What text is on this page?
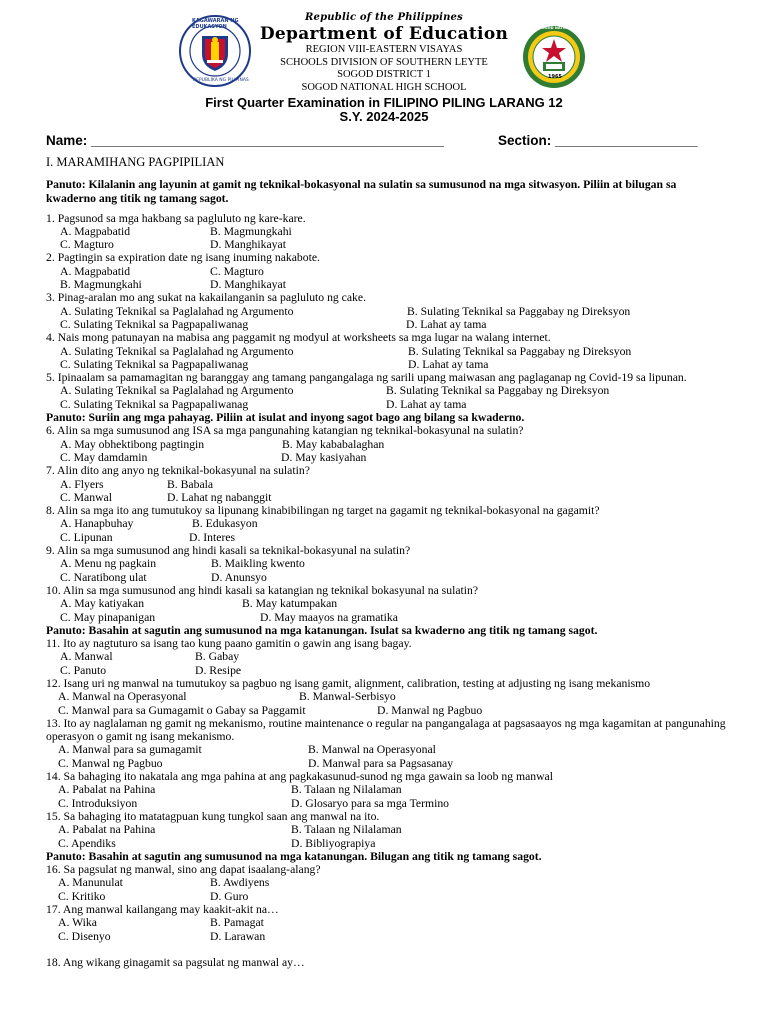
KAGAWARAN NG EDUKASYON
REPUBLIKA NG PILIPINAS
Republic of the Philippines
Department of Education
REGION VIII-EASTERN VISAYAS
SCHOOLS DIVISION OF SOUTHERN LEYTE
SOGOD DISTRICT 1
SOGOD NATIONAL HIGH SCHOOL
SOGOD NATIONAL HIGH SCHOOL
1965
First Quarter Examination in FILIPINO PILING LARANG 12
S.Y. 2024-2025
Name: _______________________________________________	Section: ___________________
I. MARAMIHANG PAGPIPILIAN
Panuto: Kilalanin ang layunin at gamit ng teknikal-bokasyonal na sulatin sa sumusunod na mga sitwasyon. Piliin at bilugan sa kwaderno ang titik ng tamang sagot.
1. Pagsunod sa mga hakbang sa pagluluto ng kare-kare.
A. Magpabatid	B. Magmungkahi
C. Magturo	D. Manghikayat
2. Pagtingin sa expiration date ng isang inuming nakabote.
A. Magpabatid	C. Magturo
B. Magmungkahi	D. Manghikayat
3. Pinag-aralan mo ang sukat na kakailanganin sa pagluluto ng cake.
A. Sulating Teknikal sa Paglalahad ng Argumento	B. Sulating Teknikal sa Paggabay ng Direksyon
C. Sulating Teknikal sa Pagpapaliwanag	D. Lahat ay tama
4. Nais mong patunayan na mabisa ang paggamit ng modyul at worksheets sa mga lugar na walang internet.
A. Sulating Teknikal sa Paglalahad ng Argumento	B. Sulating Teknikal sa Paggabay ng Direksyon
C. Sulating Teknikal sa Pagpapaliwanag	D. Lahat ay tama
5. Ipinaalam sa pamamagitan ng baranggay ang tamang pangangalaga ng sarili upang maiwasan ang paglaganap ng Covid-19 sa lipunan.
A. Sulating Teknikal sa Paglalahad ng Argumento	B. Sulating Teknikal sa Paggabay ng Direksyon
C. Sulating Teknikal sa Pagpapaliwanag	D. Lahat ay tama
Panuto: Suriin ang mga pahayag. Piliin at isulat and inyong sagot bago ang bilang sa kwaderno.
6. Alin sa mga sumusunod ang ISA sa mga pangunahing katangian ng teknikal-bokasyunal na sulatin?
A. May obhektibong pagtingin	B. May kababalaghan
C. May damdamin	D. May kasiyahan
7. Alin dito ang anyo ng teknikal-bokasyunal na sulatin?
A. Flyers	B. Babala
C. Manwal	D. Lahat ng nabanggit
8. Alin sa mga ito ang tumutukoy sa lipunang kinabibilingan ng target na gagamit ng teknikal-bokasyonal na gagamit?
A. Hanapbuhay	B. Edukasyon
C. Lipunan	D. Interes
9. Alin sa mga sumusunod ang hindi kasali sa teknikal-bokasyunal na sulatin?
A. Menu ng pagkain	B. Maikling kwento
C. Naratibong ulat	D. Anunsyo
10. Alin sa mga sumusunod ang hindi kasali sa katangian ng teknikal bokasyunal na sulatin?
A. May katiyakan	B. May katumpakan
C. May pinapanigan	D. May maayos na gramatika
Panuto: Basahin at sagutin ang sumusunod na mga katanungan. Isulat sa kwaderno ang titik ng tamang sagot.
11. Ito ay nagtuturo sa isang tao kung paano gamitin o gawin ang isang bagay.
A. Manwal	B. Gabay
C. Panuto	D. Resipe
12. Isang uri ng manwal na tumutukoy sa pagbuo ng isang gamit, alignment, calibration, testing at adjusting ng isang mekanismo
A. Manwal na Operasyonal	B. Manwal-Serbisyo
C. Manwal para sa Gumagamit o Gabay sa Paggamit	D. Manwal ng Pagbuo
13. Ito ay naglalaman ng gamit ng mekanismo, routine maintenance o regular na pangangalaga at pagsasaayos ng mga kagamitan at pangunahing operasyon o gamit ng isang mekanismo.
A. Manwal para sa gumagamit	B. Manwal na Operasyonal
C. Manwal ng Pagbuo	D. Manwal para sa Pagsasanay
14. Sa bahaging ito nakatala ang mga pahina at ang pagkakasunud-sunod ng mga gawain sa loob ng manwal
A. Pabalat na Pahina	B. Talaan ng Nilalaman
C. Introduksiyon	D. Glosaryo para sa mga Termino
15. Sa bahaging ito matatagpuan kung tungkol saan ang manwal na ito.
A. Pabalat na Pahina	B. Talaan ng Nilalaman
C. Apendiks	D. Bibliyograpiya
Panuto: Basahin at sagutin ang sumusunod na mga katanungan. Bilugan ang titik ng tamang sagot.
16. Sa pagsulat ng manwal, sino ang dapat isaalang-alang?
A. Manunulat	B. Awdiyens
C. Kritiko	D. Guro
17. Ang manwal kailangang may kaakit-akit na…
A. Wika	B. Pamagat
C. Disenyo	D. Larawan
18. Ang wikang ginagamit sa pagsulat ng manwal ay…
